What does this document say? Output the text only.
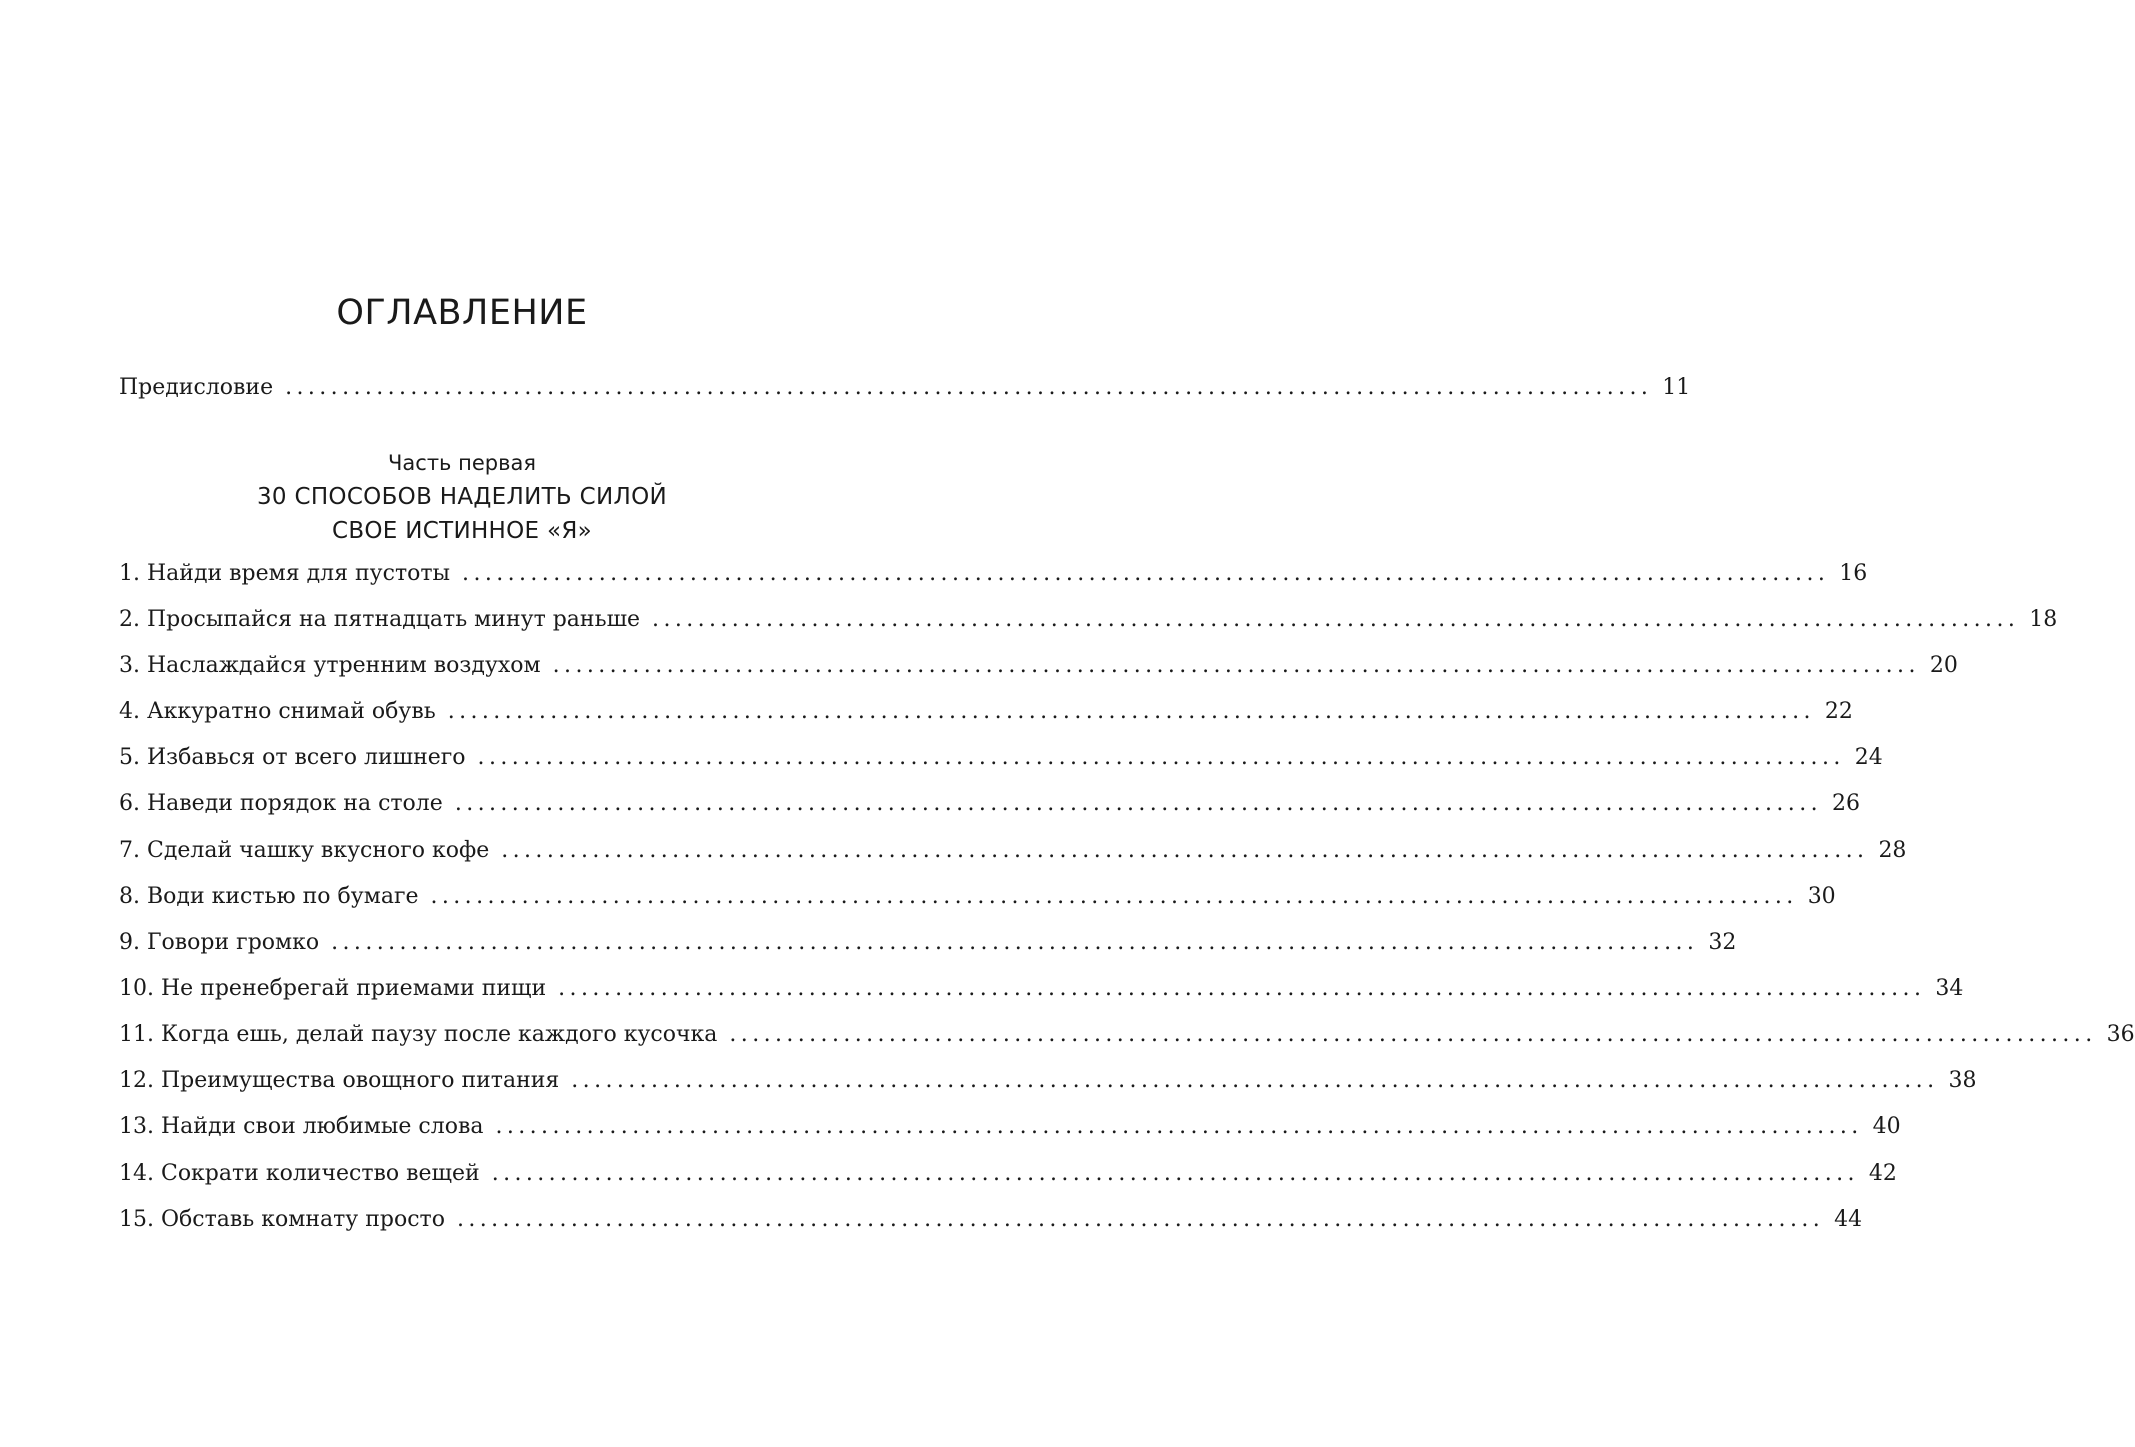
ОГЛАВЛЕНИЕ
Предисловие ........................................................................................................................ 11
Часть первая
30 СПОСОБОВ НАДЕЛИТЬ СИЛОЙ
СВОЕ ИСТИННОЕ «Я»
1. Найди время для пустоты ........................................................................................................................ 16
2. Просыпайся на пятнадцать минут раньше ........................................................................................................................ 18
3. Наслаждайся утренним воздухом ........................................................................................................................ 20
4. Аккуратно снимай обувь ........................................................................................................................ 22
5. Избавься от всего лишнего ........................................................................................................................ 24
6. Наведи порядок на столе ........................................................................................................................ 26
7. Сделай чашку вкусного кофе ........................................................................................................................ 28
8. Води кистью по бумаге ........................................................................................................................ 30
9. Говори громко ........................................................................................................................ 32
10. Не пренебрегай приемами пищи ........................................................................................................................ 34
11. Когда ешь, делай паузу после каждого кусочка ........................................................................................................................ 36
12. Преимущества овощного питания ........................................................................................................................ 38
13. Найди свои любимые слова ........................................................................................................................ 40
14. Сократи количество вещей ........................................................................................................................ 42
15. Обставь комнату просто ........................................................................................................................ 44
